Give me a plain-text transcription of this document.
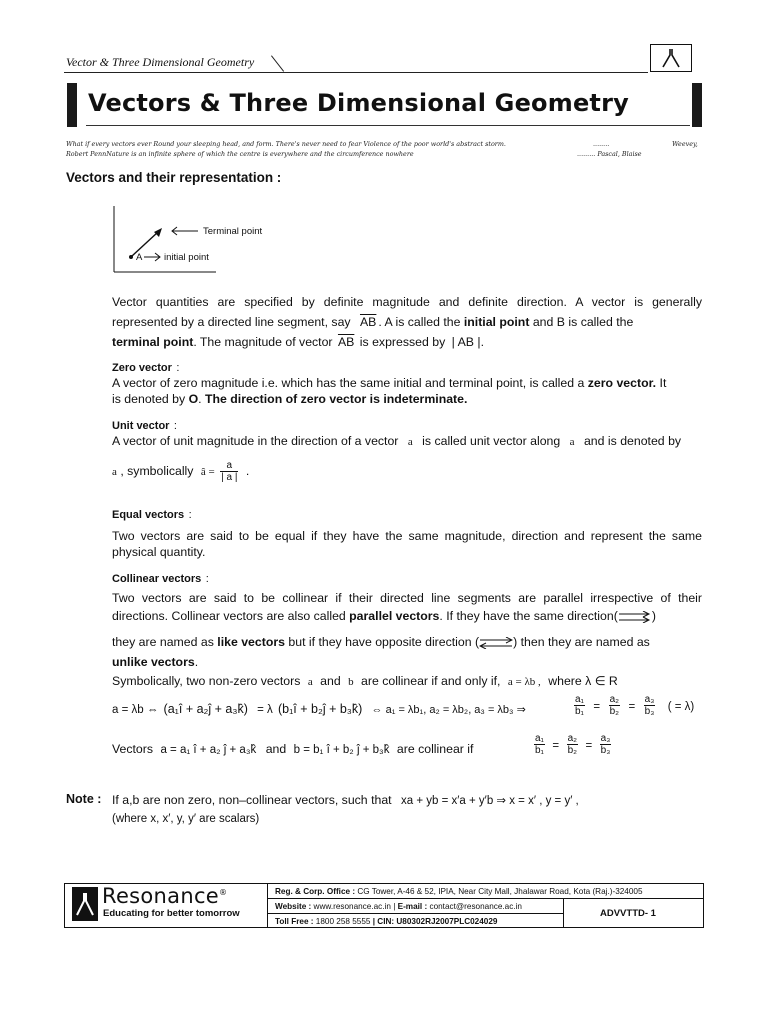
Vector & Three Dimensional Geometry
Vectors & Three Dimensional Geometry
What if every vectors ever Round your sleeping head, and form. There's never need to fear Violence of the poor world's abstract storm.	........	Weevey,
Robert PennNature is an infinite sphere of which the centre is everywhere and the circumference nowhere	......... Pascal, Blaise
Vectors and their representation :
Terminal point
A initial point
Vector quantities are specified by definite magnitude and definite direction. A vector is generally
represented by a directed line segment, say $\overline{AB}$ . A is called the initial point and B is called the
terminal point. The magnitude of vector $\overline{AB}$ is expressed by | AB |.
Zero vector :
A vector of zero magnitude i.e. which has the same initial and terminal point, is called a zero vector. It
is denoted by O. The direction of zero vector is indeterminate.
Unit vector :
A vector of unit magnitude in the direction of a vector a is called unit vector along a and is denoted by
a , symbolically â = $\frac{a}{| a |}$ .
Equal vectors :
Two vectors are said to be equal if they have the same magnitude, direction and represent the same
physical quantity.
Collinear vectors :
Two vectors are said to be collinear if their directed line segments are parallel irrespective of their
directions. Collinear vectors are also called parallel vectors. If they have the same direction(	)
they are named as like vectors but if they have opposite direction (	) then they are named as
unlike vectors.
Symbolically, two non-zero vectors a and b are collinear if and only if, a = λb , where λ ∈ R
a = λb ⇔ (a₁î + a₂ĵ + a₃k̂) = λ (b₁î + b₂ĵ + b₃k̂) ⇔ a₁ = λb₁, a₂ = λb₂, a₃ = λb₃ ⇒	$\frac{\text{a₁}}{\text{b₁}} = \frac{\text{a₂}}{\text{b₂}} = \frac{\text{a₃}}{\text{b₃}}$ ( = λ)
Vectors a = a₁ î + a₂ ĵ + a₃k̂ and b = b₁ î + b₂ ĵ + b₃k̂ are collinear if	$\frac{\text{a₁}}{\text{b₁}} = \frac{\text{a₂}}{\text{b₂}} = \frac{\text{a₃}}{\text{b₃}}$
Note : If a,b are non zero, non–collinear vectors, such that xa + yb = x′a + y′b ⇒ x = x′ , y = y′ ,
(where x, x′, y, y′ are scalars)
Resonance®
Educating for better tomorrow
Reg. & Corp. Office : CG Tower, A-46 & 52, IPIA, Near City Mall, Jhalawar Road, Kota (Raj.)-324005
Website : www.resonance.ac.in | E-mail : contact@resonance.ac.in
Toll Free : 1800 258 5555 | CIN: U80302RJ2007PLC024029
ADVVTTD- 1
